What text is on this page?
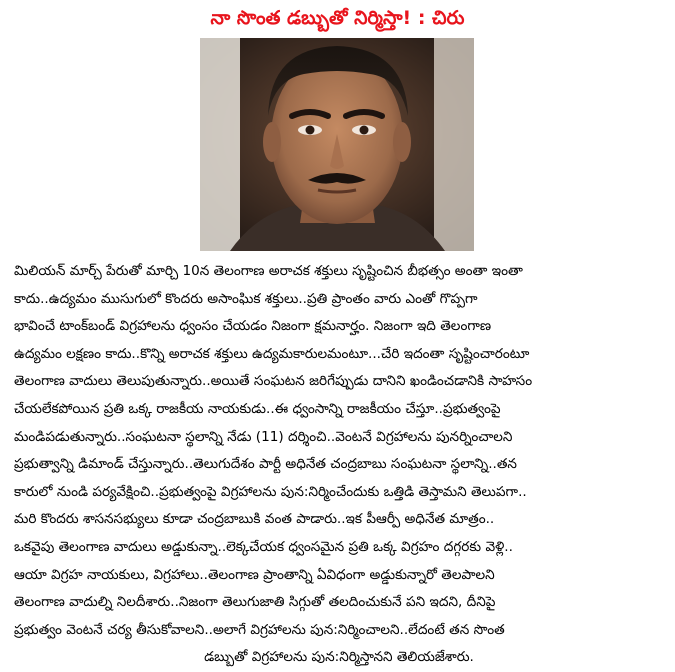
నా సొంత డబ్బుతో నిర్మిస్తా! : చిరు
మిలియన్ మార్చ్ పేరుతో మార్చి 10న తెలంగాణ అరాచక శక్తులు సృష్టించిన బీభత్సం అంతా ఇంతా
కాదు..ఉద్యమం ముసుగులో కొందరు అసాంఘిక శక్తులు..ప్రతి ప్రాంతం వారు ఎంతో గొప్పగా
భావించే టాంక్‌బండ్ విగ్రహాలను ధ్వంసం చేయడం నిజంగా క్షమనార్హం. నిజంగా ఇది తెలంగాణ
ఉద్యమం లక్షణం కాదు..కొన్ని అరాచక శక్తులు ఉద్యమకారులమంటూ...చేరి ఇదంతా సృష్టించారంటూ
తెలంగాణ వాదులు తెలుపుతున్నారు..అయితే సంఘటన జరిగేప్పుడు దానిని ఖండించడానికి సాహసం
చేయలేకపోయిన ప్రతి ఒక్క రాజకీయ నాయకుడు..ఈ ధ్వంసాన్ని రాజకీయం చేస్తూ..ప్రభుత్వంపై
మండిపడుతున్నారు..సంఘటనా స్థలాన్ని నేడు (11) దర్శించి..వెంటనే విగ్రహాలను పునర్నించాలని
ప్రభుత్వాన్ని డిమాండ్ చేస్తున్నారు..తెలుగుదేశం పార్టీ అధినేత చంద్రబాబు సంఘటనా స్థలాన్ని..తన
కారులో నుండి పర్యవేక్షించి..ప్రభుత్వంపై విగ్రహాలను పున:నిర్మించేందుకు ఒత్తిడి తెస్తామని తెలుపగా..
మరి కొందరు శాసనసభ్యులు కూడా చంద్రబాబుకి వంత పాడారు..ఇక పీఆర్పీ అధినేత మాత్రం..
ఒకవైపు తెలంగాణ వాదులు అడ్డుకున్నా..లెక్కచేయక ధ్వంసమైన ప్రతి ఒక్క విగ్రహం దగ్గరకు వెళ్లి..
ఆయా విగ్రహ నాయకులు, విగ్రహాలు..తెలంగాణ ప్రాంతాన్ని ఏవిధంగా అడ్డుకున్నారో తెలపాలని
తెలంగాణ వాదుల్ని నిలదీశారు..నిజంగా తెలుగుజాతి సిగ్గుతో తలదించుకునే పని ఇదని, దీనిపై
ప్రభుత్వం వెంటనే చర్య తీసుకోవాలని..అలాగే విగ్రహాలను పున:నిర్మించాలని..లేదంటే తన సొంత
డబ్బుతో విగ్రహాలను పున:నిర్మిస్తానని తెలియజేశారు.
